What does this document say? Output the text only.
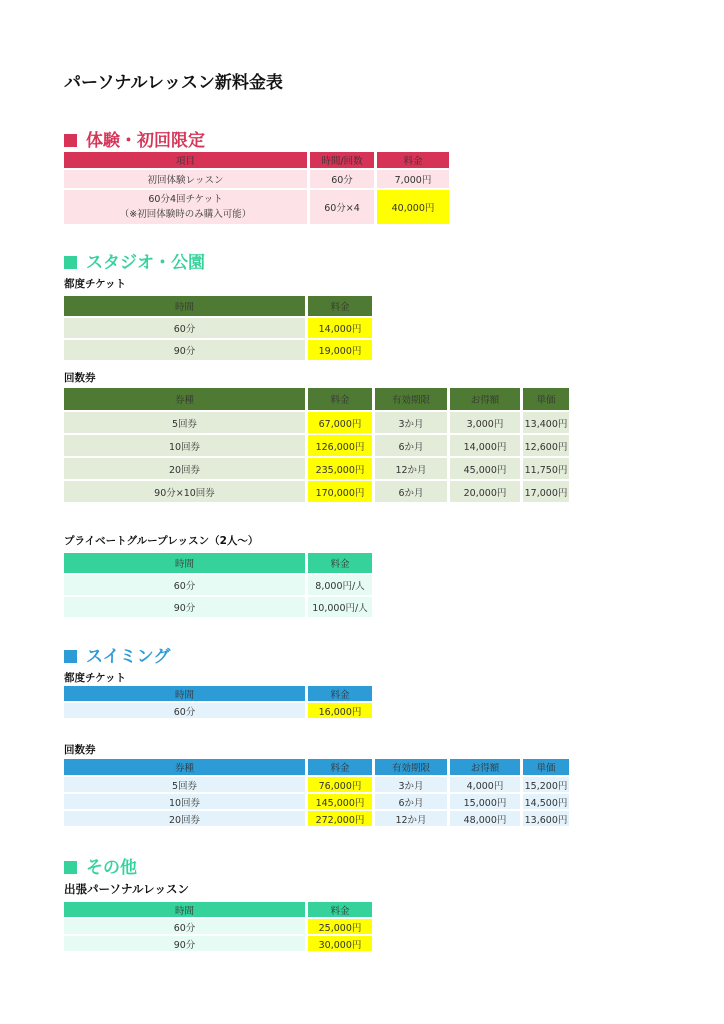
パーソナルレッスン新料金表
体験・初回限定
項目	時間/回数	料金
初回体験レッスン	60分	7,000円

60分4回チケット
（※初回体験時のみ購入可能）	60分×4	40,000円
スタジオ・公園
都度チケット
時間	料金
60分	14,000円
90分	19,000円
回数券
券種	料金	有効期限	お得額	単価
5回券	67,000円	3か月	3,000円	13,400円
10回券	126,000円	6か月	14,000円	12,600円
20回券	235,000円	12か月	45,000円	11,750円
90分×10回券	170,000円	6か月	20,000円	17,000円
プライベートグループレッスン（2人～）
時間	料金
60分	8,000円/人
90分	10,000円/人
スイミング
都度チケット
時間	料金
60分	16,000円
回数券
券種	料金	有効期限	お得額	単価
5回券	76,000円	3か月	4,000円	15,200円
10回券	145,000円	6か月	15,000円	14,500円
20回券	272,000円	12か月	48,000円	13,600円
その他
出張パーソナルレッスン
時間	料金
60分	25,000円
90分	30,000円
